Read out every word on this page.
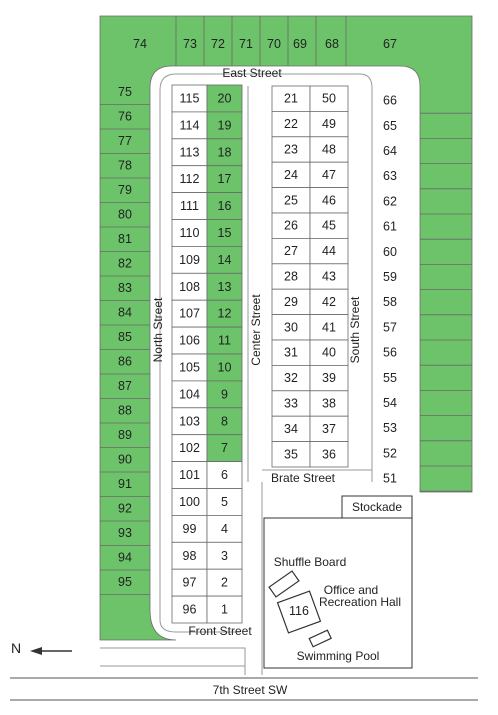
75
76
77
78
79
80
81
82
83
84
85
86
87
88
89
90
91
92
93
94
95
74	73 72 71 70 69 68	67
66
65
64
63
62
61
60
59
58
57
56
55
54
53
52
51
115
114
113
112
111
110
109
108
107
106
105
104
103
102
101
100
99
98
97
96
20
19
18
17
16
15
14
13
12
11
10
9
8
7
6
5
4
3
2
1
21
22
23
24
25
26
27
28
29
30
31
32
33
34
35
50
49
48
47
46
45
44
43
42
41
40
39
38
37
36
East Street
North Street	Center Street	South Street
Brate Street
Front Street
7th Street SW
Stockade
Shuffle Board
116
Office and
Recreation Hall
Swimming Pool
N
